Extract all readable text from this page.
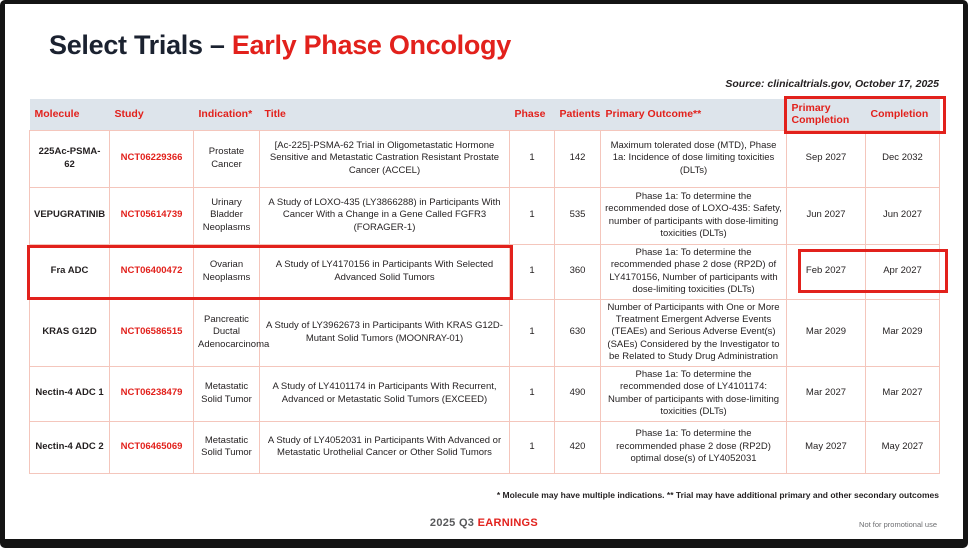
Select Trials – Early Phase Oncology
Source: clinicaltrials.gov, October 17, 2025
Molecule	Study	Indication*	Title	Phase	Patients	Primary Outcome**	Primary Completion	Completion
225Ac-PSMA-62	NCT06229366	Prostate Cancer	[Ac-225]-PSMA-62 Trial in Oligometastatic Hormone Sensitive and Metastatic Castration Resistant Prostate Cancer (ACCEL)	1	142	Maximum tolerated dose (MTD), Phase 1a: Incidence of dose limiting toxicities (DLTs)	Sep 2027	Dec 2032
VEPUGRATINIB	NCT05614739	Urinary Bladder Neoplasms	A Study of LOXO-435 (LY3866288) in Participants With Cancer With a Change in a Gene Called FGFR3 (FORAGER-1)	1	535	Phase 1a: To determine the recommended dose of LOXO-435: Safety, number of participants with dose-limiting toxicities (DLTs)	Jun 2027	Jun 2027
Fra ADC	NCT06400472	Ovarian Neoplasms	A Study of LY4170156 in Participants With Selected Advanced Solid Tumors	1	360	Phase 1a: To determine the recommended phase 2 dose (RP2D) of LY4170156, Number of participants with dose-limiting toxicities (DLTs)	Feb 2027	Apr 2027
KRAS G12D	NCT06586515	Pancreatic Ductal Adenocarcinoma	A Study of LY3962673 in Participants With KRAS G12D-Mutant Solid Tumors (MOONRAY-01)	1	630	Number of Participants with One or More Treatment Emergent Adverse Events (TEAEs) and Serious Adverse Event(s) (SAEs) Considered by the Investigator to be Related to Study Drug Administration	Mar 2029	Mar 2029
Nectin-4 ADC 1	NCT06238479	Metastatic Solid Tumor	A Study of LY4101174 in Participants With Recurrent, Advanced or Metastatic Solid Tumors (EXCEED)	1	490	Phase 1a: To determine the recommended dose of LY4101174: Number of participants with dose-limiting toxicities (DLTs)	Mar 2027	Mar 2027
Nectin-4 ADC 2	NCT06465069	Metastatic Solid Tumor	A Study of LY4052031 in Participants With Advanced or Metastatic Urothelial Cancer or Other Solid Tumors	1	420	Phase 1a: To determine the recommended phase 2 dose (RP2D) optimal dose(s) of LY4052031	May 2027	May 2027
* Molecule may have multiple indications. ** Trial may have additional primary and other secondary outcomes
2025 Q3 EARNINGS	Not for promotional use
